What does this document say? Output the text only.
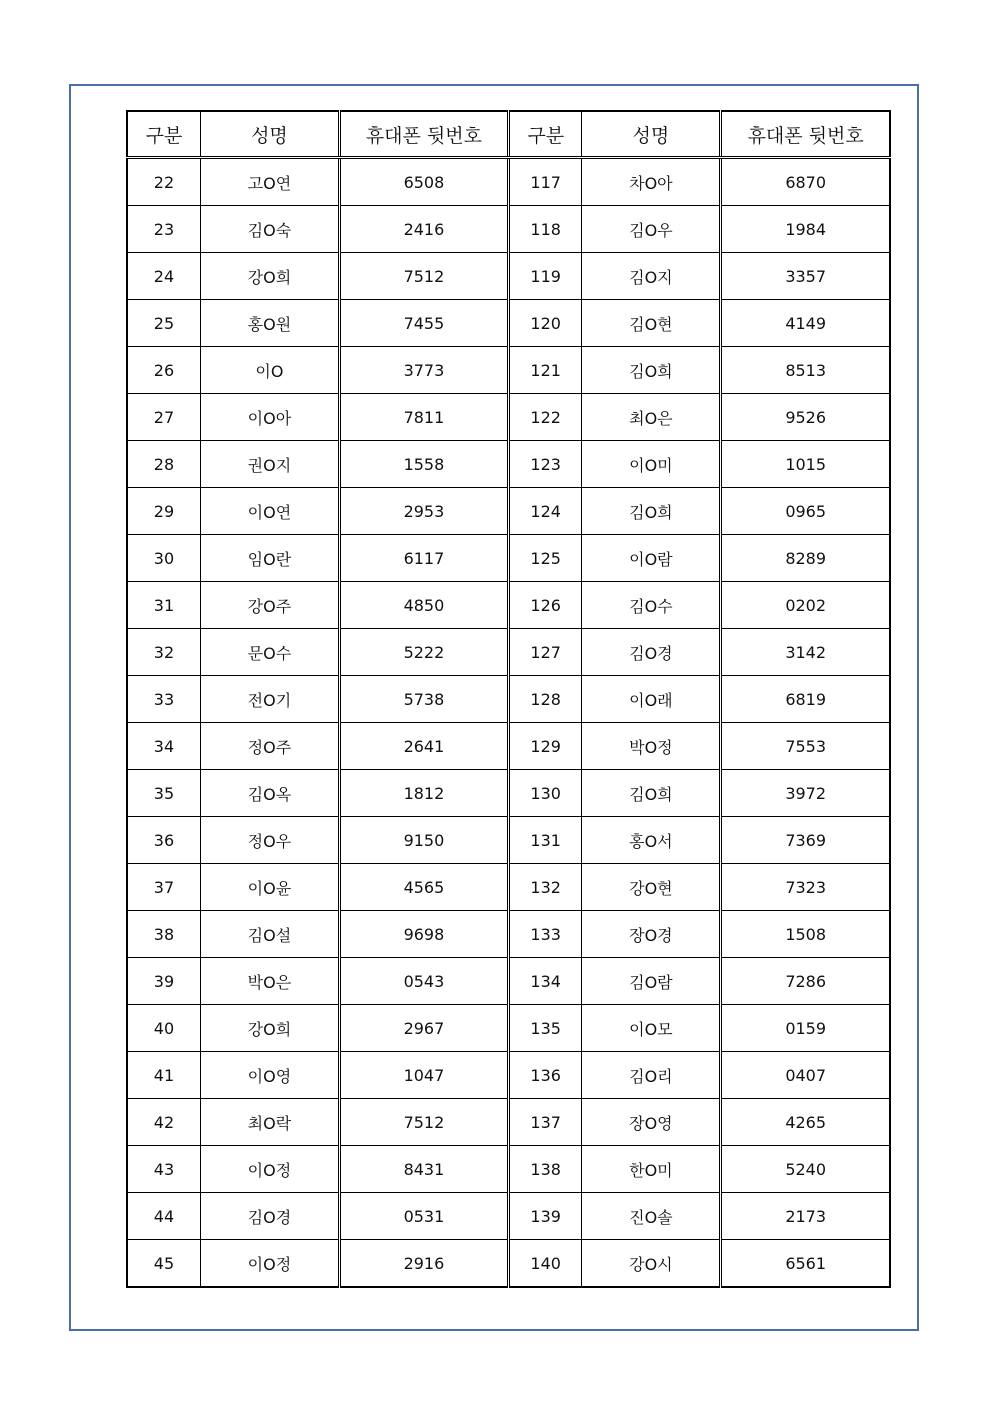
구분	성명	휴대폰 뒷번호	구분	성명	휴대폰 뒷번호
22	고O연	6508	117	차O아	6870
23	김O숙	2416	118	김O우	1984
24	강O희	7512	119	김O지	3357
25	홍O원	7455	120	김O현	4149
26	이O	3773	121	김O희	8513
27	이O아	7811	122	최O은	9526
28	권O지	1558	123	이O미	1015
29	이O연	2953	124	김O희	0965
30	임O란	6117	125	이O람	8289
31	강O주	4850	126	김O수	0202
32	문O수	5222	127	김O경	3142
33	전O기	5738	128	이O래	6819
34	정O주	2641	129	박O정	7553
35	김O옥	1812	130	김O희	3972
36	정O우	9150	131	홍O서	7369
37	이O윤	4565	132	강O현	7323
38	김O설	9698	133	장O경	1508
39	박O은	0543	134	김O람	7286
40	강O희	2967	135	이O모	0159
41	이O영	1047	136	김O리	0407
42	최O락	7512	137	장O영	4265
43	이O정	8431	138	한O미	5240
44	김O경	0531	139	진O솔	2173
45	이O정	2916	140	강O시	6561
